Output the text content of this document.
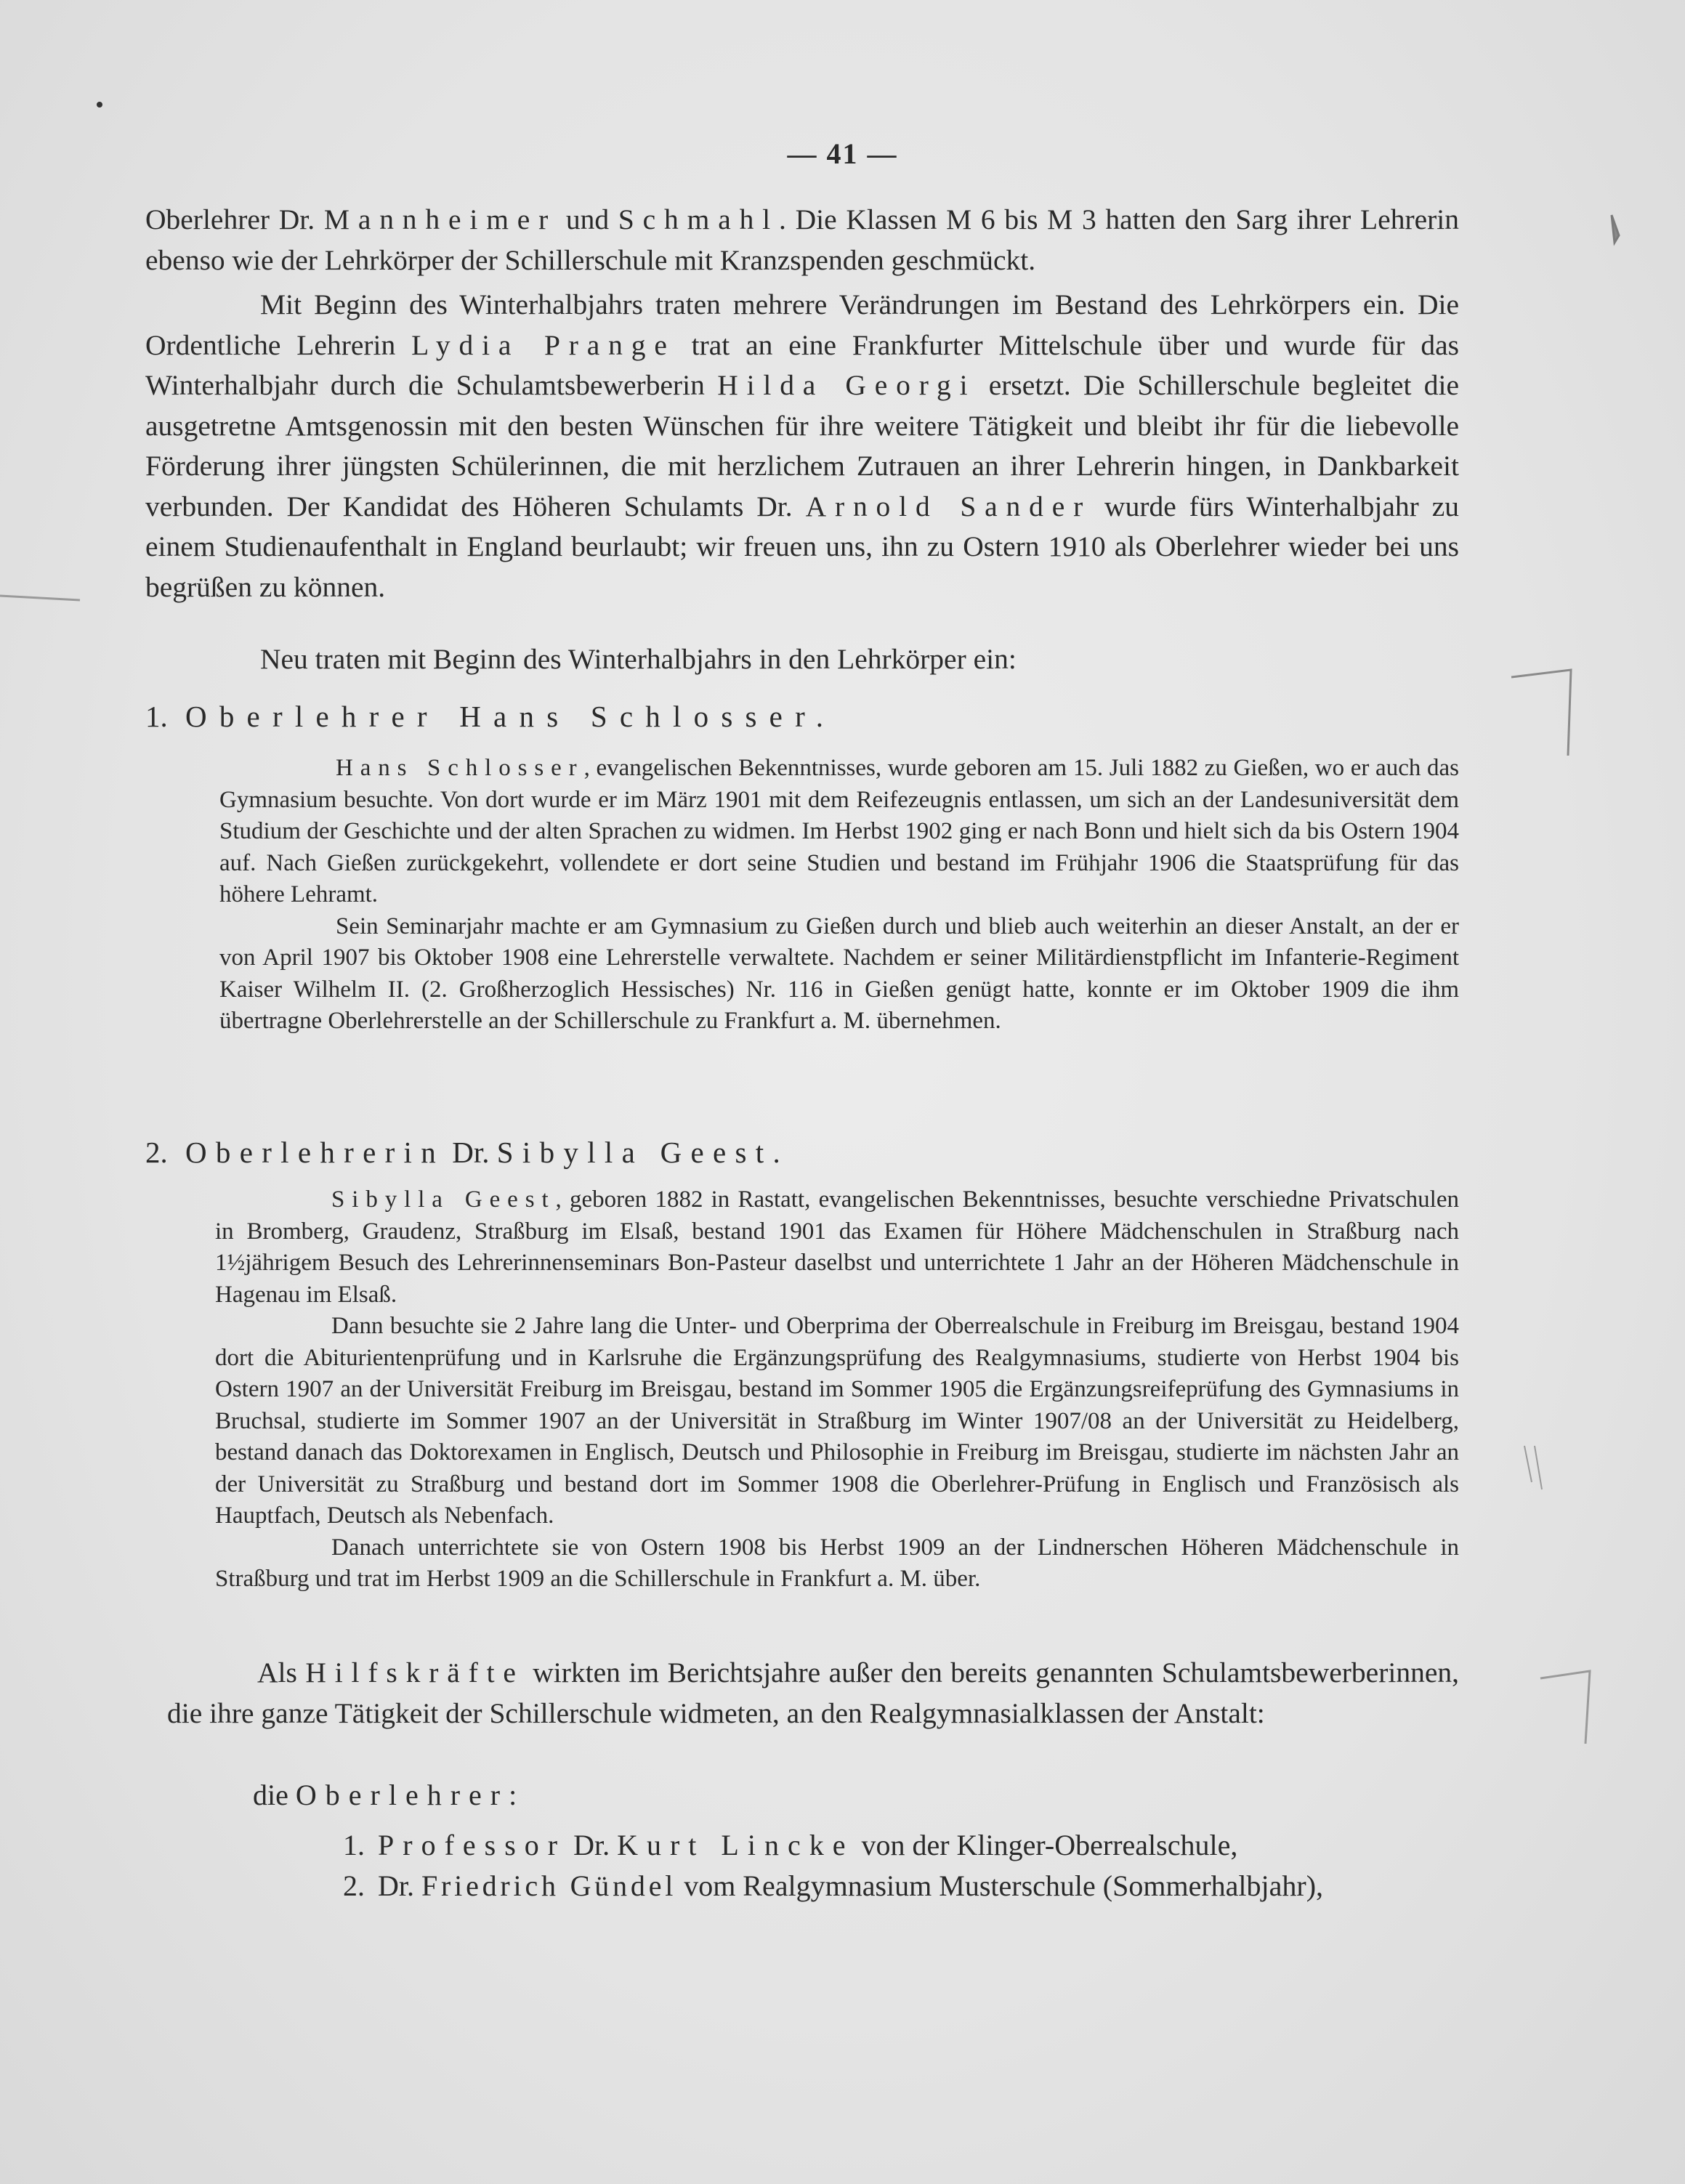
— 41 —

Oberlehrer Dr. Mannheimer und Schmahl. Die Klassen M 6 bis M 3 hatten den Sarg ihrer Lehrerin ebenso wie der Lehrkörper der Schillerschule mit Kranzspenden geschmückt.

Mit Beginn des Winterhalbjahrs traten mehrere Verändrungen im Bestand des Lehrkörpers ein. Die Ordentliche Lehrerin Lydia Prange trat an eine Frankfurter Mittelschule über und wurde für das Winterhalbjahr durch die Schulamtsbewerberin Hilda Georgi ersetzt. Die Schillerschule begleitet die ausgetretne Amtsgenossin mit den besten Wünschen für ihre weitere Tätigkeit und bleibt ihr für die liebevolle Förderung ihrer jüngsten Schülerinnen, die mit herzlichem Zutrauen an ihrer Lehrerin hingen, in Dankbarkeit verbunden. Der Kandidat des Höheren Schulamts Dr. Arnold Sander wurde fürs Winterhalbjahr zu einem Studienaufenthalt in England beurlaubt; wir freuen uns, ihn zu Ostern 1910 als Oberlehrer wieder bei uns begrüßen zu können.

Neu traten mit Beginn des Winterhalbjahrs in den Lehrkörper ein:

1. Oberlehrer Hans Schlosser.

Hans Schlosser, evangelischen Bekenntnisses, wurde geboren am 15. Juli 1882 zu Gießen, wo er auch das Gymnasium besuchte. Von dort wurde er im März 1901 mit dem Reifezeugnis entlassen, um sich an der Landesuniversität dem Studium der Geschichte und der alten Sprachen zu widmen. Im Herbst 1902 ging er nach Bonn und hielt sich da bis Ostern 1904 auf. Nach Gießen zurückgekehrt, vollendete er dort seine Studien und bestand im Frühjahr 1906 die Staatsprüfung für das höhere Lehramt.

Sein Seminarjahr machte er am Gymnasium zu Gießen durch und blieb auch weiterhin an dieser Anstalt, an der er von April 1907 bis Oktober 1908 eine Lehrerstelle verwaltete. Nachdem er seiner Militärdienstpflicht im Infanterie-Regiment Kaiser Wilhelm II. (2. Großherzoglich Hessisches) Nr. 116 in Gießen genügt hatte, konnte er im Oktober 1909 die ihm übertragne Oberlehrerstelle an der Schillerschule zu Frankfurt a. M. übernehmen.

2. Oberlehrerin Dr. Sibylla Geest.

Sibylla Geest, geboren 1882 in Rastatt, evangelischen Bekenntnisses, besuchte verschiedne Privatschulen in Bromberg, Graudenz, Straßburg im Elsaß, bestand 1901 das Examen für Höhere Mädchenschulen in Straßburg nach 1½jährigem Besuch des Lehrerinnenseminars Bon-Pasteur daselbst und unterrichtete 1 Jahr an der Höheren Mädchenschule in Hagenau im Elsaß.

Dann besuchte sie 2 Jahre lang die Unter- und Oberprima der Oberrealschule in Freiburg im Breisgau, bestand 1904 dort die Abiturientenprüfung und in Karlsruhe die Ergänzungsprüfung des Realgymnasiums, studierte von Herbst 1904 bis Ostern 1907 an der Universität Freiburg im Breisgau, bestand im Sommer 1905 die Ergänzungsreifeprüfung des Gymnasiums in Bruchsal, studierte im Sommer 1907 an der Universität in Straßburg im Winter 1907/08 an der Universität zu Heidelberg, bestand danach das Doktorexamen in Englisch, Deutsch und Philosophie in Freiburg im Breisgau, studierte im nächsten Jahr an der Universität zu Straßburg und bestand dort im Sommer 1908 die Oberlehrer-Prüfung in Englisch und Französisch als Hauptfach, Deutsch als Nebenfach.

Danach unterrichtete sie von Ostern 1908 bis Herbst 1909 an der Lindnerschen Höheren Mädchenschule in Straßburg und trat im Herbst 1909 an die Schillerschule in Frankfurt a. M. über.

Als Hilfskräfte wirkten im Berichtsjahre außer den bereits genannten Schulamtsbewerberinnen, die ihre ganze Tätigkeit der Schillerschule widmeten, an den Realgymnasialklassen der Anstalt:

die Oberlehrer:

1. Professor Dr. Kurt Lincke von der Klinger-Oberrealschule,

2. Dr. Friedrich Gündel vom Realgymnasium Musterschule (Sommerhalbjahr),
